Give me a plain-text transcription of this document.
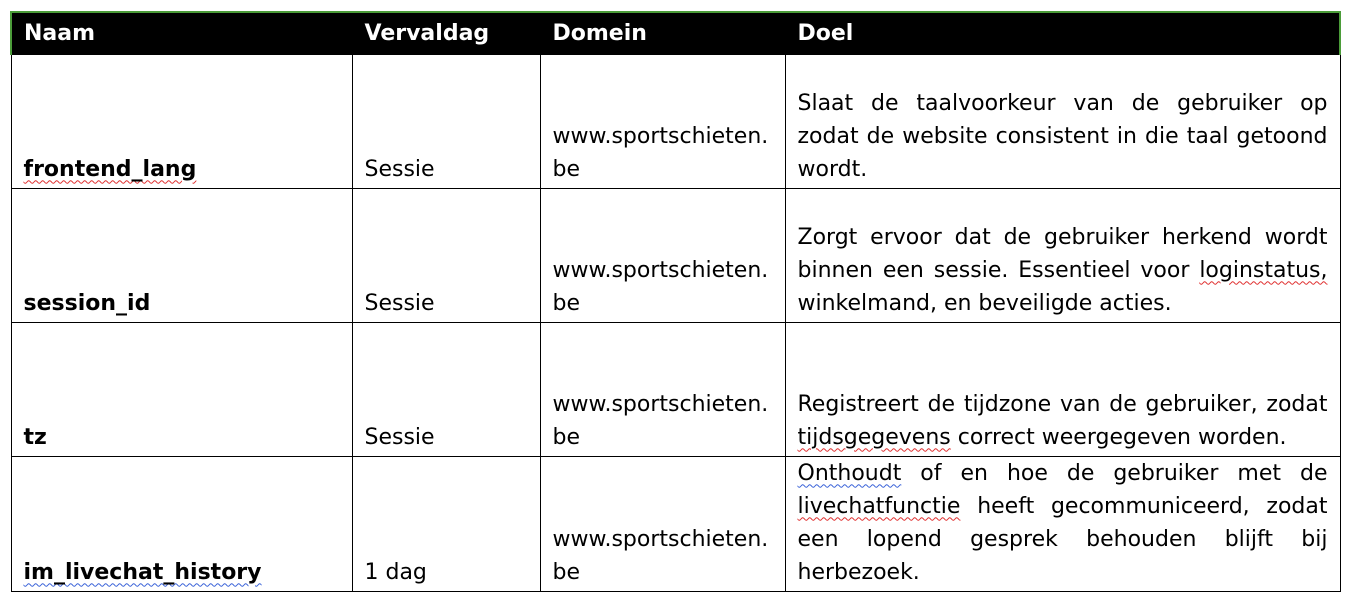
Naam	Vervaldag	Domein	Doel
frontend_lang	Sessie	www.sportschieten.be	Slaat de taalvoorkeur van de gebruiker op zodat de website consistent in die taal getoond wordt.
session_id	Sessie	www.sportschieten.be	Zorgt ervoor dat de gebruiker herkend wordt binnen een sessie. Essentieel voor loginstatus, winkelmand, en beveiligde acties.
tz	Sessie	www.sportschieten.be	Registreert de tijdzone van de gebruiker, zodat tijdsgegevens correct weergegeven worden.
im_livechat_history	1 dag	www.sportschieten.be	Onthoudt of en hoe de gebruiker met de livechatfunctie heeft gecommuniceerd, zodat een lopend gesprek behouden blijft bij herbezoek.
